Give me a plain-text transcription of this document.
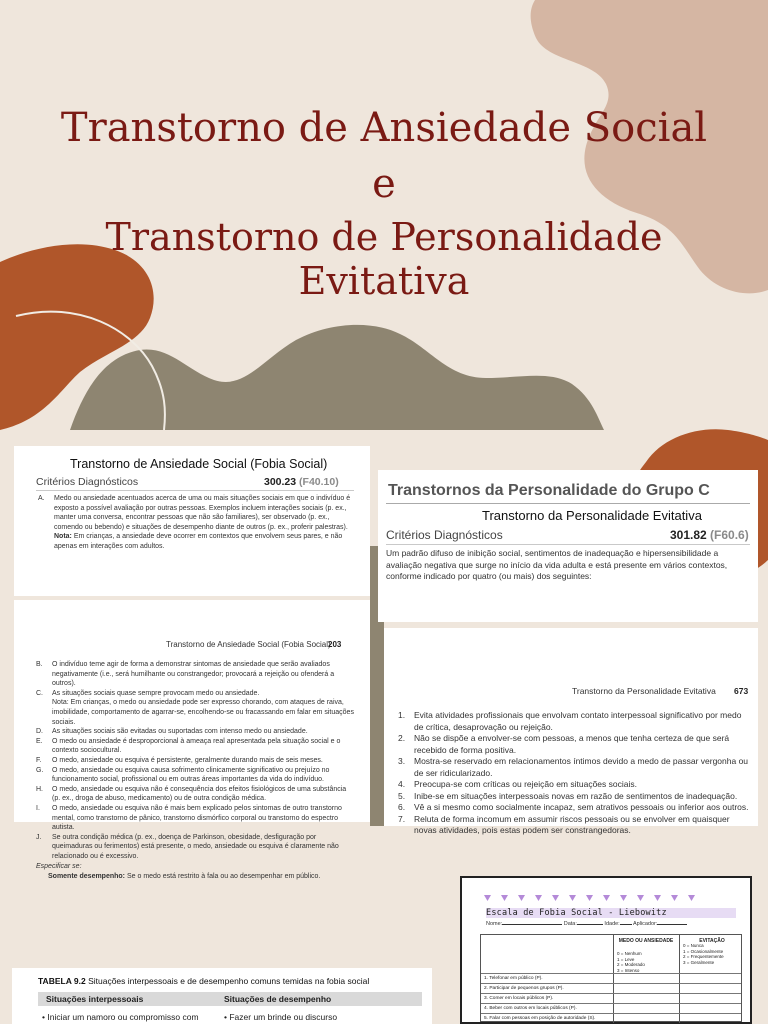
Transtorno de Ansiedade Social
e
Transtorno de Personalidade
Evitativa
Transtorno de Ansiedade Social (Fobia Social)
Critérios Diagnósticos	300.23 (F40.10)
A. Medo ou ansiedade acentuados acerca de uma ou mais situações sociais em que o indivíduo é exposto a possível avaliação por outras pessoas. Exemplos incluem interações sociais (p. ex., manter uma conversa, encontrar pessoas que não são familiares), ser observado (p. ex., comendo ou bebendo) e situações de desempenho diante de outros (p. ex., proferir palestras).
Nota: Em crianças, a ansiedade deve ocorrer em contextos que envolvem seus pares, e não apenas em interações com adultos.
Transtorno de Ansiedade Social (Fobia Social)
203
B. O indivíduo teme agir de forma a demonstrar sintomas de ansiedade que serão avaliados negativamente (i.e., será humilhante ou constrangedor; provocará a rejeição ou ofenderá a outros).
C. As situações sociais quase sempre provocam medo ou ansiedade.
Nota: Em crianças, o medo ou ansiedade pode ser expresso chorando, com ataques de raiva, imobilidade, comportamento de agarrar-se, encolhendo-se ou fracassando em falar em situações sociais.
D. As situações sociais são evitadas ou suportadas com intenso medo ou ansiedade.
E. O medo ou ansiedade é desproporcional à ameaça real apresentada pela situação social e o contexto sociocultural.
F. O medo, ansiedade ou esquiva é persistente, geralmente durando mais de seis meses.
G. O medo, ansiedade ou esquiva causa sofrimento clinicamente significativo ou prejuízo no funcionamento social, profissional ou em outras áreas importantes da vida do indivíduo.
H. O medo, ansiedade ou esquiva não é consequência dos efeitos fisiológicos de uma substância (p. ex., droga de abuso, medicamento) ou de outra condição médica.
I. O medo, ansiedade ou esquiva não é mais bem explicado pelos sintomas de outro transtorno mental, como transtorno de pânico, transtorno dismórfico corporal ou transtorno do espectro autista.
J. Se outra condição médica (p. ex., doença de Parkinson, obesidade, desfiguração por queimaduras ou ferimentos) está presente, o medo, ansiedade ou esquiva é claramente não relacionado ou é excessivo.
Especificar se:
Somente desempenho: Se o medo está restrito à fala ou ao desempenhar em público.
Transtornos da Personalidade do Grupo C
Transtorno da Personalidade Evitativa
Critérios Diagnósticos	301.82 (F60.6)
Um padrão difuso de inibição social, sentimentos de inadequação e hipersensibilidade a avaliação negativa que surge no início da vida adulta e está presente em vários contextos, conforme indicado por quatro (ou mais) dos seguintes:
Transtorno da Personalidade Evitativa 673
1. Evita atividades profissionais que envolvam contato interpessoal significativo por medo de crítica, desaprovação ou rejeição.
2. Não se dispõe a envolver-se com pessoas, a menos que tenha certeza de que será recebido de forma positiva.
3. Mostra-se reservado em relacionamentos íntimos devido a medo de passar vergonha ou de ser ridicularizado.
4. Preocupa-se com críticas ou rejeição em situações sociais.
5. Inibe-se em situações interpessoais novas em razão de sentimentos de inadequação.
6. Vê a si mesmo como socialmente incapaz, sem atrativos pessoais ou inferior aos outros.
7. Reluta de forma incomum em assumir riscos pessoais ou se envolver em quaisquer novas atividades, pois estas podem ser constrangedoras.
TABELA 9.2 Situações interpessoais e de desempenho comuns temidas na fobia social
Situações interpessoais	Situações de desempenho
• Iniciar um namoro ou compromisso com	• Fazer um brinde ou discurso
Escala de Fobia Social - Liebowitz
Nome:	Data:	Idade: Aplicador:
MEDO OU ANSIEDADE	EVITAÇÃO
0 = Nenhum
1 = Leve
2 = Moderado
3 = Intenso
0 = Nunca
1 = Ocasionalmente
2 = Frequentemente
3 = Geralmente
1. Telefonar em público (P).
2. Participar de pequenos grupos (P).
3. Comer em locais públicos (P).
4. Beber com outros em locais públicos (P).
5. Falar com pessoas em posição de autoridade (S).
